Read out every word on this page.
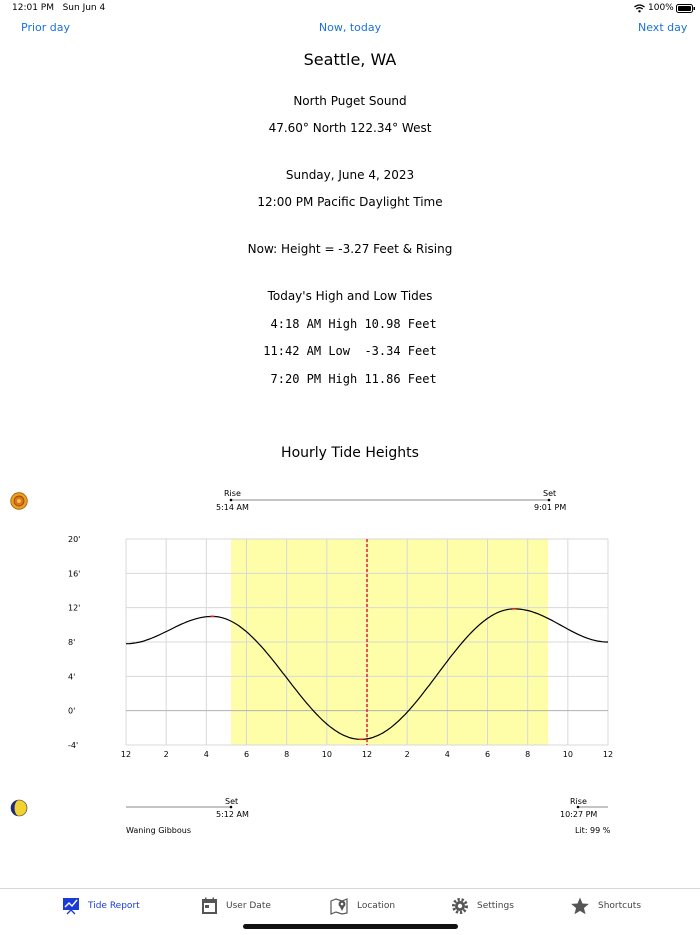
12:01 PM Sun Jun 4	100%
Prior day	Now, today	Next day
Seattle, WA
North Puget Sound
47.60° North 122.34° West
Sunday, June 4, 2023
12:00 PM Pacific Daylight Time
Now: Height = -3.27 Feet & Rising
Today's High and Low Tides
4:18 AM High 10.98 Feet
11:42 AM Low  -3.34 Feet
7:20 PM High 11.86 Feet
Hourly Tide Heights
Rise
5:14 AM
Set
9:01 PM
20'
16'
12'
8'
4'
0'
-4'
12	2	4	6	8	10	12	2	4	6	8	10	12
Set
5:12 AM
Rise
10:27 PM
Waning Gibbous	Lit: 99 %
Tide Report	User Date	Location	Settings	Shortcuts
